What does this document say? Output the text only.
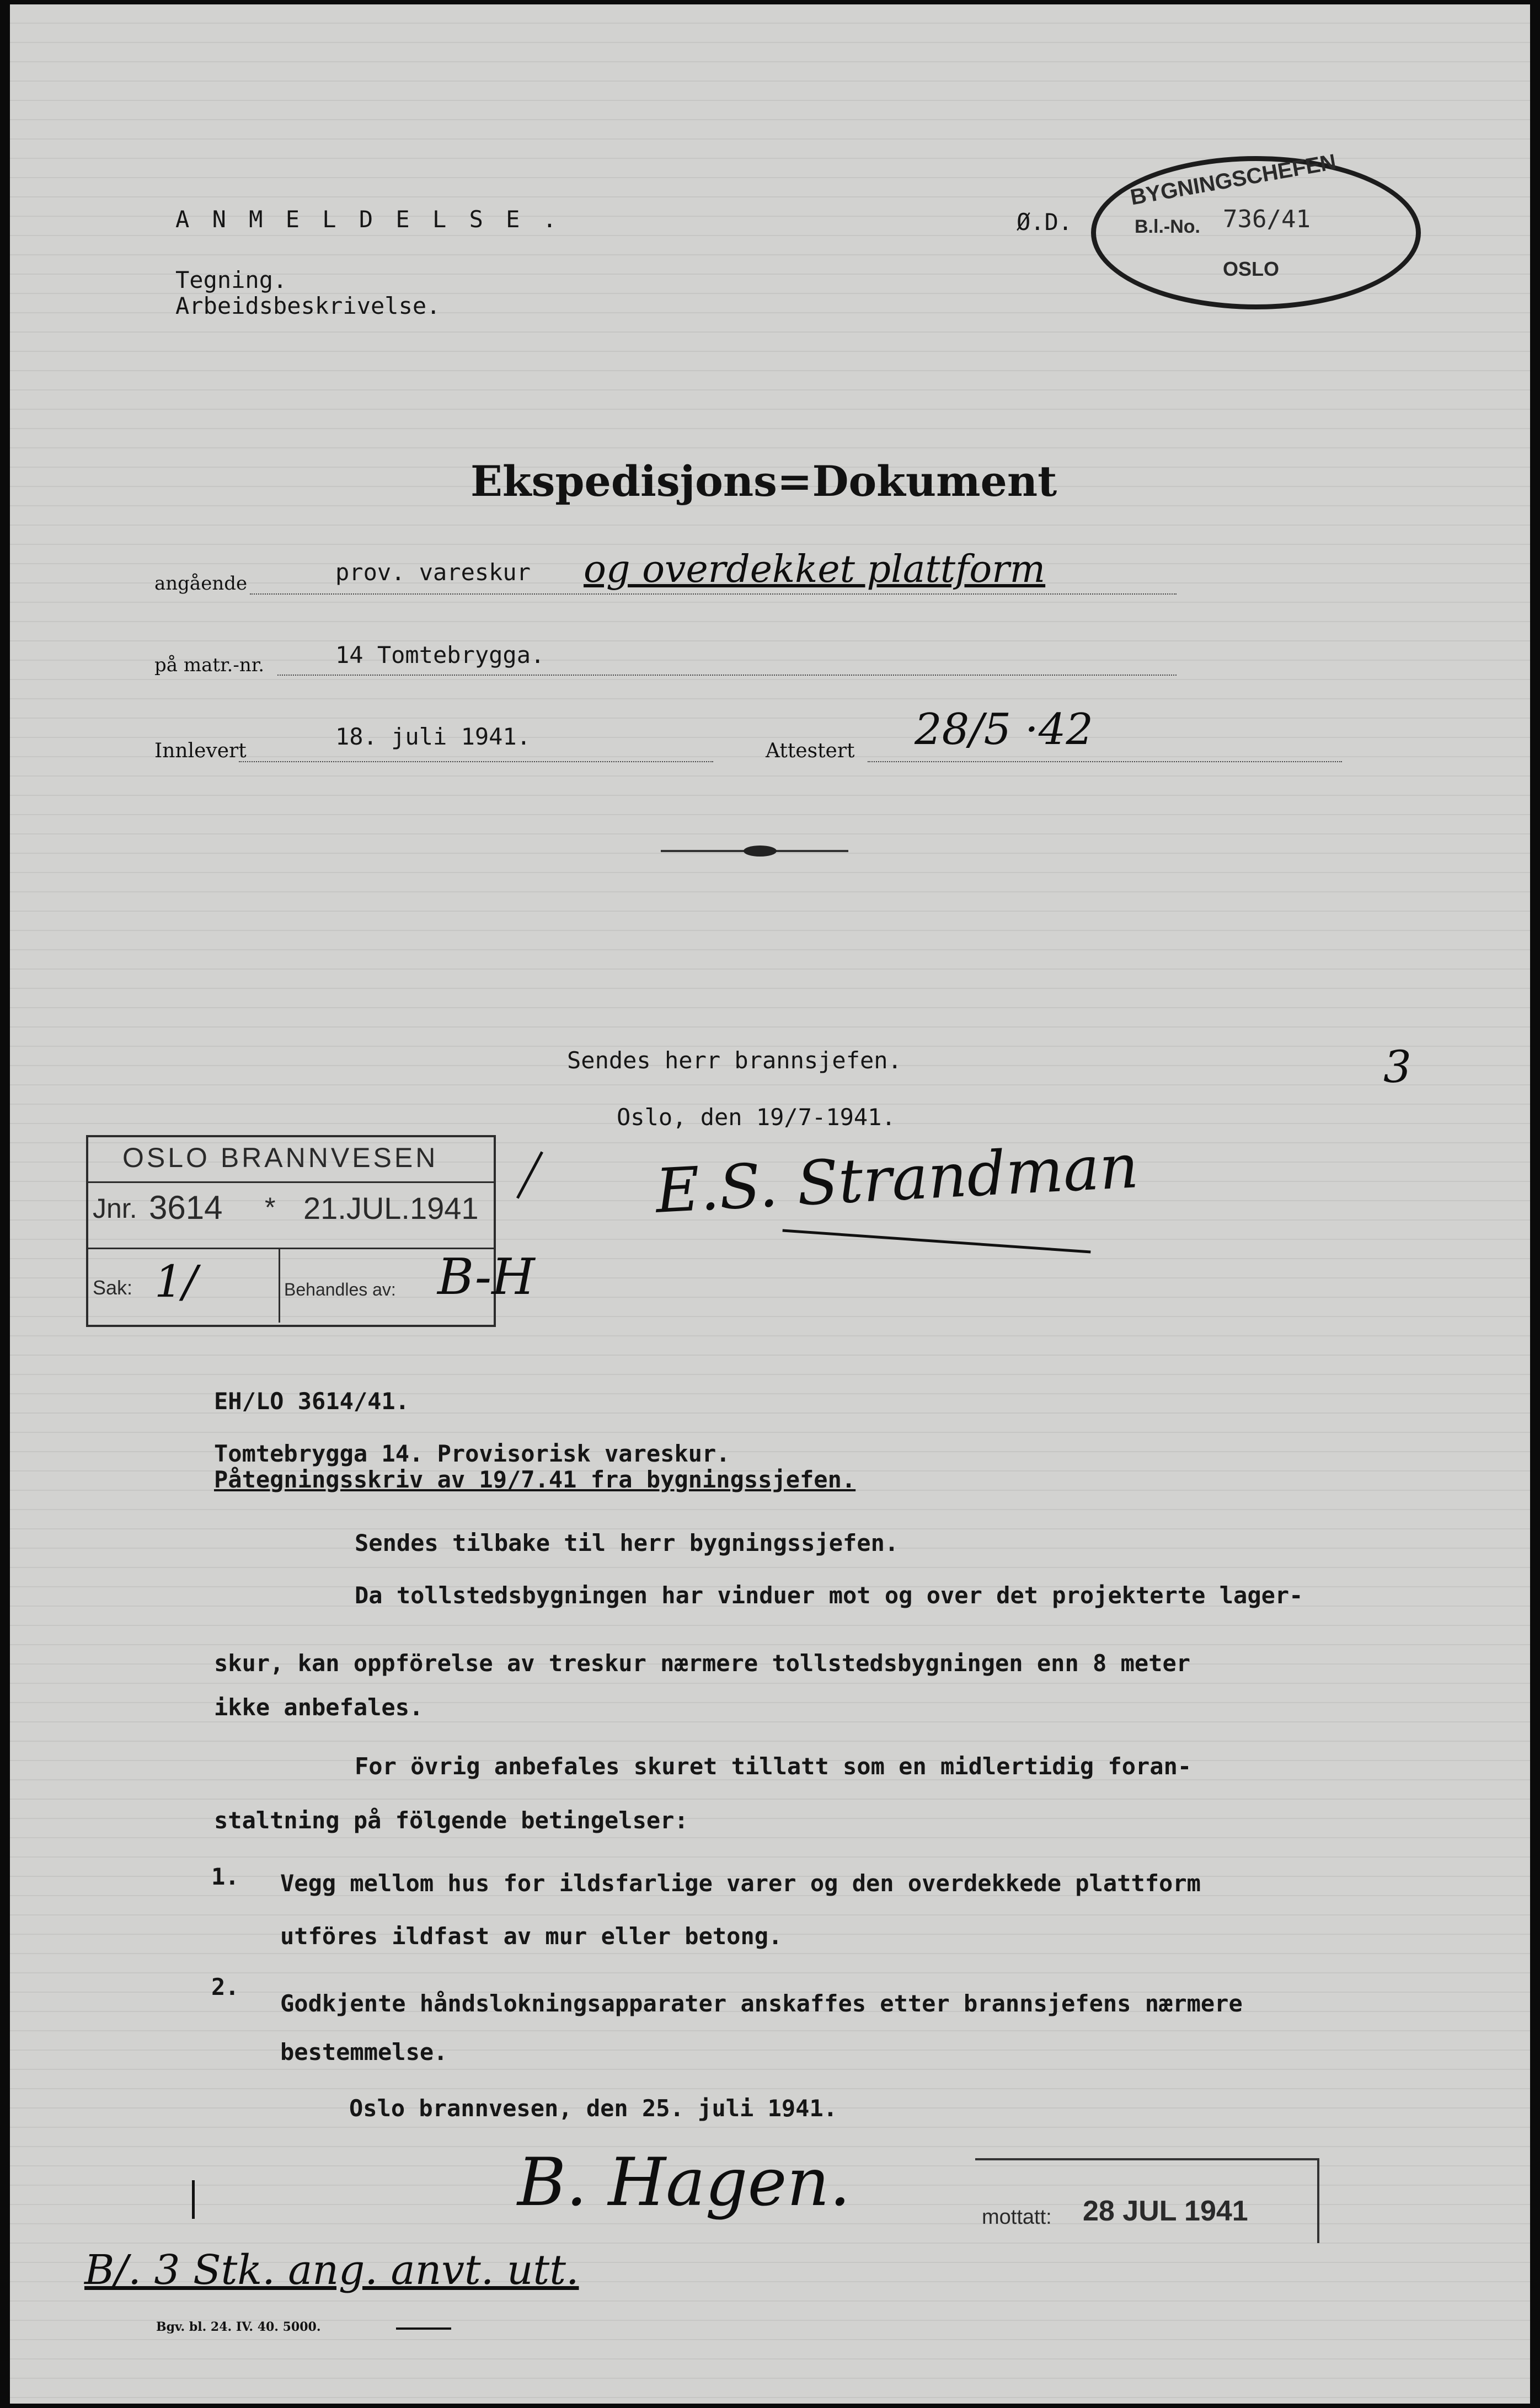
A N M E L D E L S E .
Tegning.
Arbeidsbeskrivelse.
Ø.D.
BYGNINGSCHEFEN
B.l.-No. 736/41
OSLO
Ekspedisjons=Dokument
angående	prov. vareskur og overdekket plattform
på matr.-nr.	14 Tomtebrygga.
Innlevert
18. juli 1941.
Attestert 28/5 ·42
Sendes herr brannsjefen.
Oslo, den 19/7-1941.
3
E.S. Strandman
OSLO BRANNVESEN
Jnr. 3614 * 21.JUL.1941
Sak: 1/	Behandles av: B-H
EH/LO 3614/41.
Tomtebrygga 14. Provisorisk vareskur.
Påtegningsskriv av 19/7.41 fra bygningssjefen.
Sendes tilbake til herr bygningssjefen.
Da tollstedsbygningen har vinduer mot og over det projekterte lager-
skur, kan oppförelse av treskur nærmere tollstedsbygningen enn 8 meter
ikke anbefales.
For övrig anbefales skuret tillatt som en midlertidig foran-
staltning på fölgende betingelser:
1. Vegg mellom hus for ildsfarlige varer og den overdekkede plattform
utföres ildfast av mur eller betong.
2.
Godkjente håndslokningsapparater anskaffes etter brannsjefens nærmere
bestemmelse.
Oslo brannvesen, den 25. juli 1941.
B. Hagen.	mottatt: 28 JUL 1941
B/. 3 Stk. ang. anvt. utt.
Bgv. bl. 24. IV. 40. 5000.
